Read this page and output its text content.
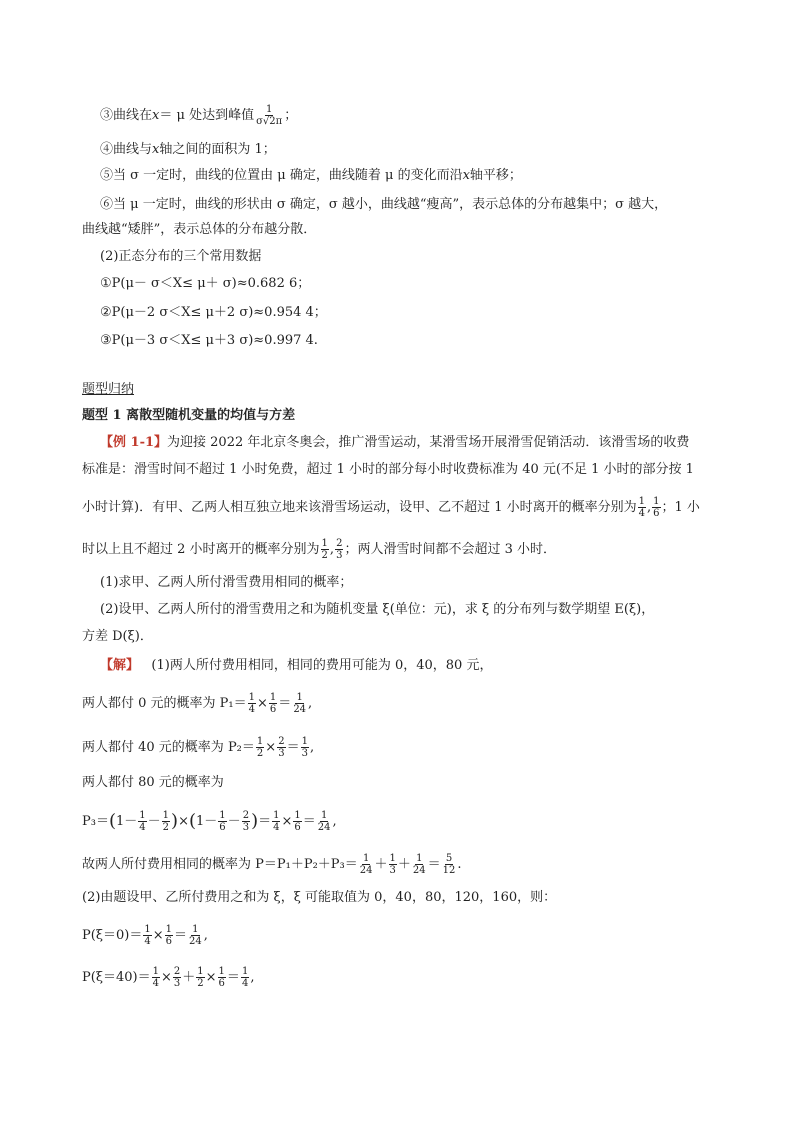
③曲线在x＝ μ 处达到峰值 $\frac{1}{\sigma√2\pi}$ ；
④曲线与x轴之间的面积为 1；
⑤当 σ 一定时，曲线的位置由 μ 确定，曲线随着 μ 的变化而沿x轴平移；
⑥当 μ 一定时，曲线的形状由 σ 确定，σ 越小，曲线越“瘦高”，表示总体的分布越集中；σ 越大，
曲线越“矮胖”，表示总体的分布越分散．
(2)正态分布的三个常用数据
①P(μ－ σ＜X≤ μ＋ σ)≈0.682 6；
②P(μ－2 σ＜X≤ μ＋2 σ)≈0.954 4；
③P(μ－3 σ＜X≤ μ＋3 σ)≈0.997 4.
题型归纳
题型 1 离散型随机变量的均值与方差
【例 1-1】为迎接 2022 年北京冬奥会，推广滑雪运动，某滑雪场开展滑雪促销活动．该滑雪场的收费
标准是：滑雪时间不超过 1 小时免费，超过 1 小时的部分每小时收费标准为 40 元(不足 1 小时的部分按 1
小时计算)．有甲、乙两人相互独立地来该滑雪场运动，设甲、乙不超过 1 小时离开的概率分别为 $\frac{1}{4}$ , $\frac{1}{6}$ ；1 小
时以上且不超过 2 小时离开的概率分别为 $\frac{1}{2}$ , $\frac{2}{3}$ ；两人滑雪时间都不会超过 3 小时．
(1)求甲、乙两人所付滑雪费用相同的概率；
(2)设甲、乙两人所付的滑雪费用之和为随机变量 ξ(单位：元)，求 ξ 的分布列与数学期望 E(ξ)，
方差 D(ξ)．
【解】 (1)两人所付费用相同，相同的费用可能为 0，40，80 元，
两人都付 0 元的概率为 $P_1= \frac{1}{4} \times \frac{1}{6} = \frac{1}{24}$ ,
两人都付 40 元的概率为 $P_2= \frac{1}{2} \times \frac{2}{3} = \frac{1}{3}$ ,
两人都付 80 元的概率为
$P_3=(1- \frac{1}{4} - \frac{1}{2} )\times(1- \frac{1}{6} - \frac{2}{3}$ )＝ $\frac{1}{4} \times \frac{1}{6} = \frac{1}{24}$ ,
故两人所付费用相同的概率为 $P=P_1+P_2+P_3= \frac{1}{24} + \frac{1}{3} + \frac{1}{24} = \frac{5}{12}$ .
(2)由题设甲、乙所付费用之和为 ξ，ξ 可能取值为 0，40，80，120，160，则：
$P(\xi=0)= \frac{1}{4} \times \frac{1}{6} = \frac{1}{24}$ ,
$P(\xi=40)= \frac{1}{4} \times \frac{2}{3} + \frac{1}{2} \times \frac{1}{6} = \frac{1}{4}$ ,
